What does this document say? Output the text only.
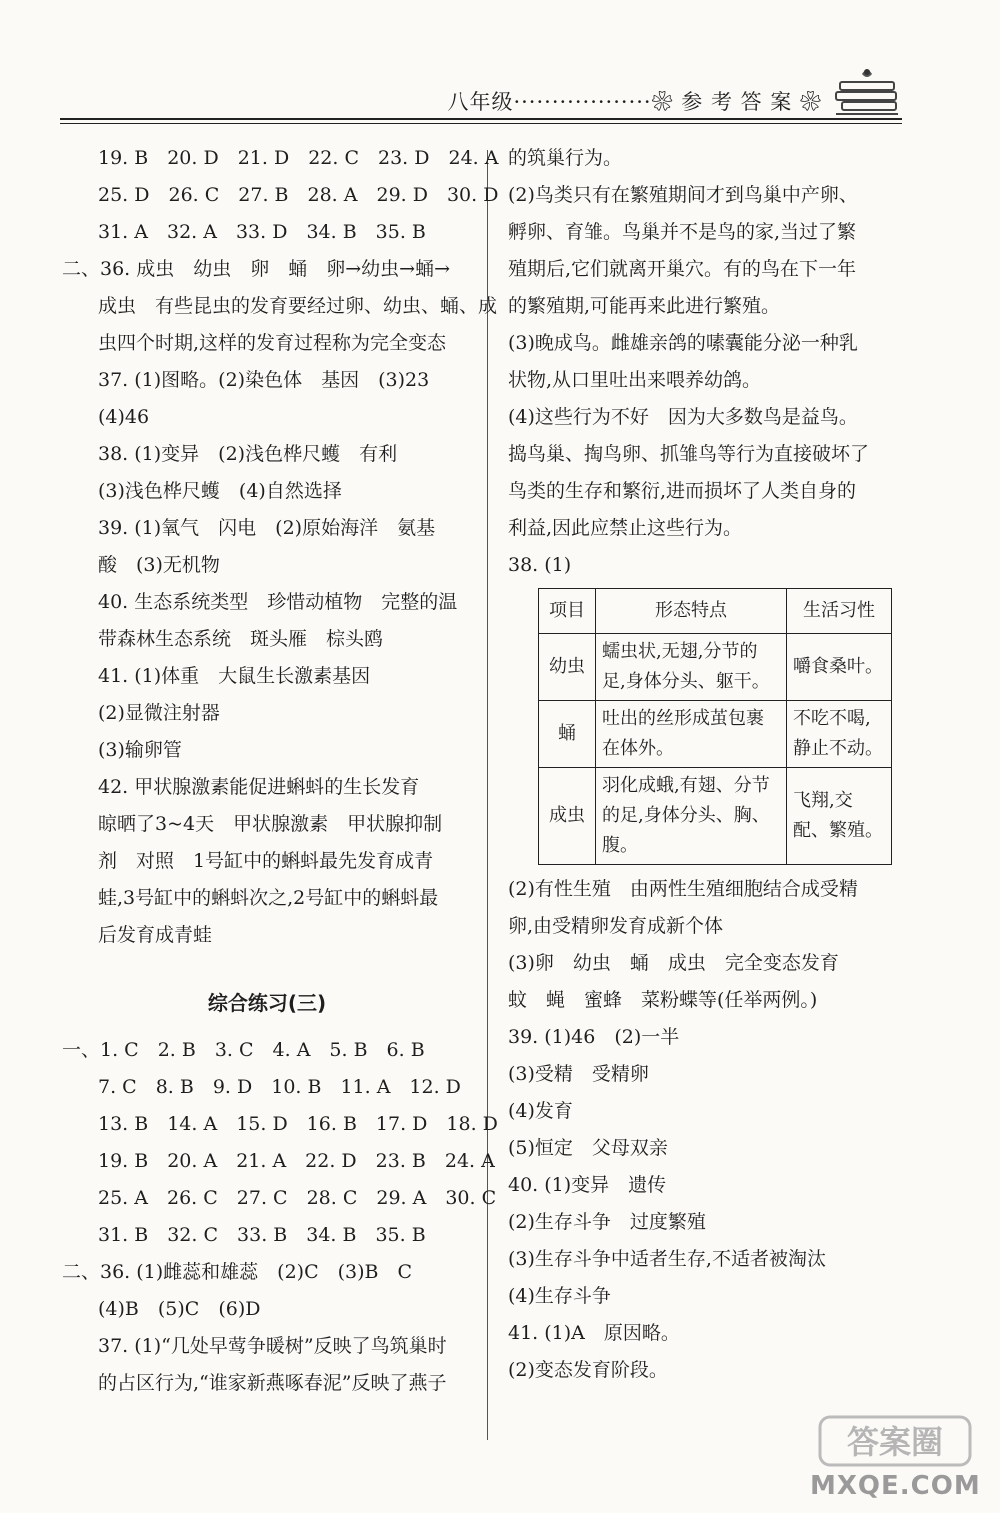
八年级··················❀ 参 考 答 案 ❀
19. B　20. D　21. D　22. C　23. D　24. A
25. D　26. C　27. B　28. A　29. D　30. D
31. A　32. A　33. D　34. B　35. B
二、36. 成虫　幼虫　卵　蛹　卵→幼虫→蛹→
成虫　有些昆虫的发育要经过卵、幼虫、蛹、成
虫四个时期,这样的发育过程称为完全变态
37. (1)图略。(2)染色体　基因　(3)23
(4)46
38. (1)变异　(2)浅色桦尺蠖　有利
(3)浅色桦尺蠖　(4)自然选择
39. (1)氧气　闪电　(2)原始海洋　氨基
酸　(3)无机物
40. 生态系统类型　珍惜动植物　完整的温
带森林生态系统　斑头雁　棕头鸥
41. (1)体重　大鼠生长激素基因
(2)显微注射器
(3)输卵管
42. 甲状腺激素能促进蝌蚪的生长发育
晾晒了3~4天　甲状腺激素　甲状腺抑制
剂　对照　1号缸中的蝌蚪最先发育成青
蛙,3号缸中的蝌蚪次之,2号缸中的蝌蚪最
后发育成青蛙
综合练习(三)
一、1. C　2. B　3. C　4. A　5. B　6. B
7. C　8. B　9. D　10. B　11. A　12. D
13. B　14. A　15. D　16. B　17. D　18. D
19. B　20. A　21. A　22. D　23. B　24. A
25. A　26. C　27. C　28. C　29. A　30. C
31. B　32. C　33. B　34. B　35. B
二、36. (1)雌蕊和雄蕊　(2)C　(3)B　C
(4)B　(5)C　(6)D
37. (1)“几处早莺争暖树”反映了鸟筑巢时
的占区行为,“谁家新燕啄春泥”反映了燕子
的筑巢行为。
(2)鸟类只有在繁殖期间才到鸟巢中产卵、
孵卵、育雏。鸟巢并不是鸟的家,当过了繁
殖期后,它们就离开巢穴。有的鸟在下一年
的繁殖期,可能再来此进行繁殖。
(3)晚成鸟。雌雄亲鸽的嗉囊能分泌一种乳
状物,从口里吐出来喂养幼鸽。
(4)这些行为不好　因为大多数鸟是益鸟。
捣鸟巢、掏鸟卵、抓雏鸟等行为直接破坏了
鸟类的生存和繁衍,进而损坏了人类自身的
利益,因此应禁止这些行为。
38. (1)
项目	形态特点	生活习性
幼虫	蠕虫状,无翅,分节的足,身体分头、躯干。	嚼食桑叶。
蛹	吐出的丝形成茧包裹在体外。	不吃不喝,静止不动。
成虫	羽化成蛾,有翅、分节的足,身体分头、胸、腹。	飞翔,交配、繁殖。
(2)有性生殖　由两性生殖细胞结合成受精
卵,由受精卵发育成新个体
(3)卵　幼虫　蛹　成虫　完全变态发育
蚊　蝇　蜜蜂　菜粉蝶等(任举两例。)
39. (1)46　(2)一半
(3)受精　受精卵
(4)发育
(5)恒定　父母双亲
40. (1)变异　遗传
(2)生存斗争　过度繁殖
(3)生存斗争中适者生存,不适者被淘汰
(4)生存斗争
41. (1)A　原因略。
(2)变态发育阶段。
答案圈
MXQE.COM
